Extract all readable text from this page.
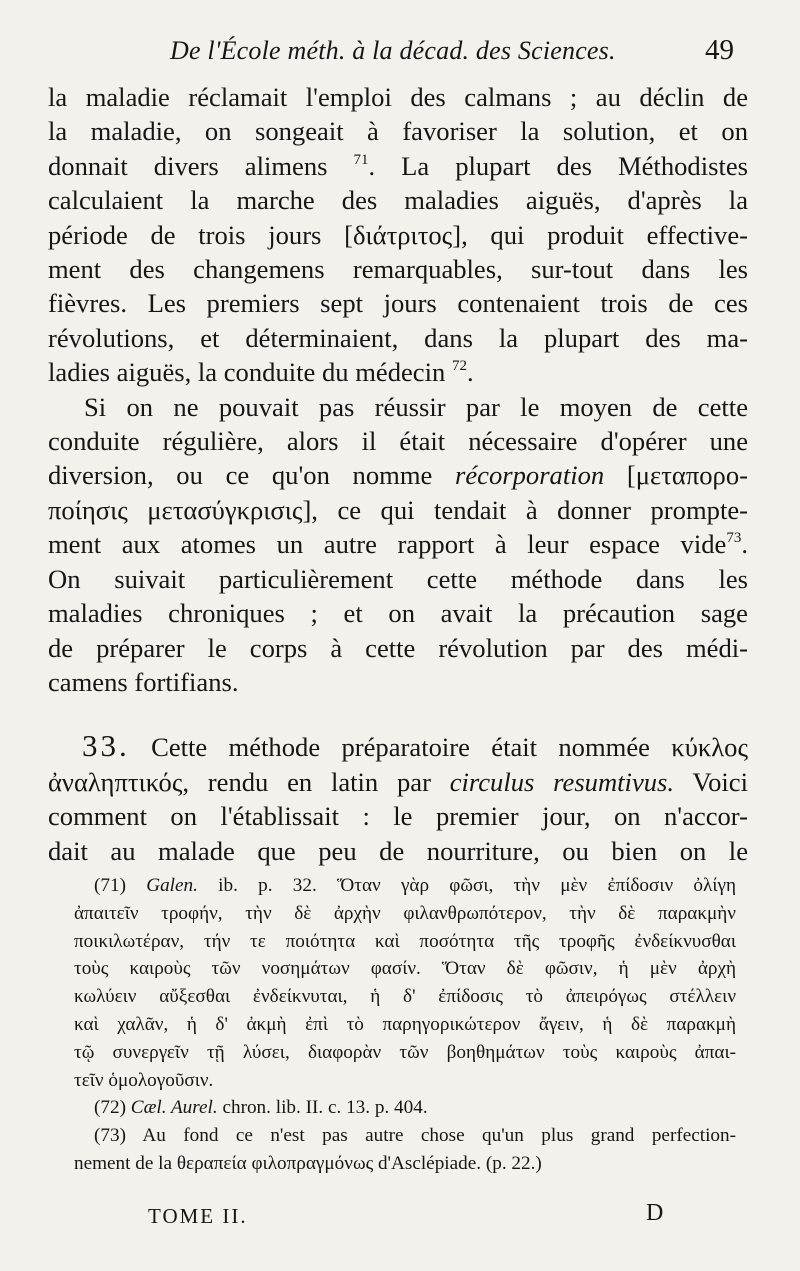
De l'École méth. à la décad. des Sciences.	49
la maladie réclamait l'emploi des calmans ; au déclin de
la maladie, on songeait à favoriser la solution, et on
donnait divers alimens $^{71}$. La plupart des Méthodistes
calculaient la marche des maladies aiguës, d'après la
période de trois jours [διάτριτος], qui produit effective-
ment des changemens remarquables, sur-tout dans les
fièvres. Les premiers sept jours contenaient trois de ces
révolutions, et déterminaient, dans la plupart des ma-
ladies aiguës, la conduite du médecin $^{72}$.
Si on ne pouvait pas réussir par le moyen de cette
conduite régulière, alors il était nécessaire d'opérer une
diversion, ou ce qu'on nomme récorporation [μεταπορο-
ποίησις μετασύγκρισις], ce qui tendait à donner prompte-
ment aux atomes un autre rapport à leur espace vide$^{73}$.
On suivait particulièrement cette méthode dans les
maladies chroniques ; et on avait la précaution sage
de préparer le corps à cette révolution par des médi-
camens fortifians.
33. Cette méthode préparatoire était nommée κύκλος
ἀναληπτικός, rendu en latin par circulus resumtivus. Voici
comment on l'établissait : le premier jour, on n'accor-
dait au malade que peu de nourriture, ou bien on le
(71) Galen. ib. p. 32. Ὅταν γὰρ φῶσι, τὴν μὲν ἐπίδοσιν ὀλίγη
ἀπαιτεῖν τροφήν, τὴν δὲ ἀρχὴν φιλανθρωπότερον, τὴν δὲ παρακμὴν
ποικιλωτέραν, τήν τε ποιότητα καὶ ποσότητα τῆς τροφῆς ἐνδείκνυσθαι
τοὺς καιροὺς τῶν νοσημάτων φασίν. Ὅταν δὲ φῶσιν, ἡ μὲν ἀρχὴ
κωλύειν αὔξεσθαι ἐνδείκνυται, ἡ δ' ἐπίδοσις τὸ ἀπειρόγως στέλλειν
καὶ χαλᾶν, ἡ δ' ἀκμὴ ἐπὶ τὸ παρηγορικώτερον ἄγειν, ἡ δὲ παρακμὴ
τῷ συνεργεῖν τῇ λύσει, διαφορὰν τῶν βοηθημάτων τοὺς καιροὺς ἀπαι-
τεῖν ὁμολογοῦσιν.
(72) Cæl. Aurel. chron. lib. II. c. 13. p. 404.
(73) Au fond ce n'est pas autre chose qu'un plus grand perfection-
nement de la θεραπεία φιλοπραγμόνως d'Asclépiade. (p. 22.)
TOME II.	D
